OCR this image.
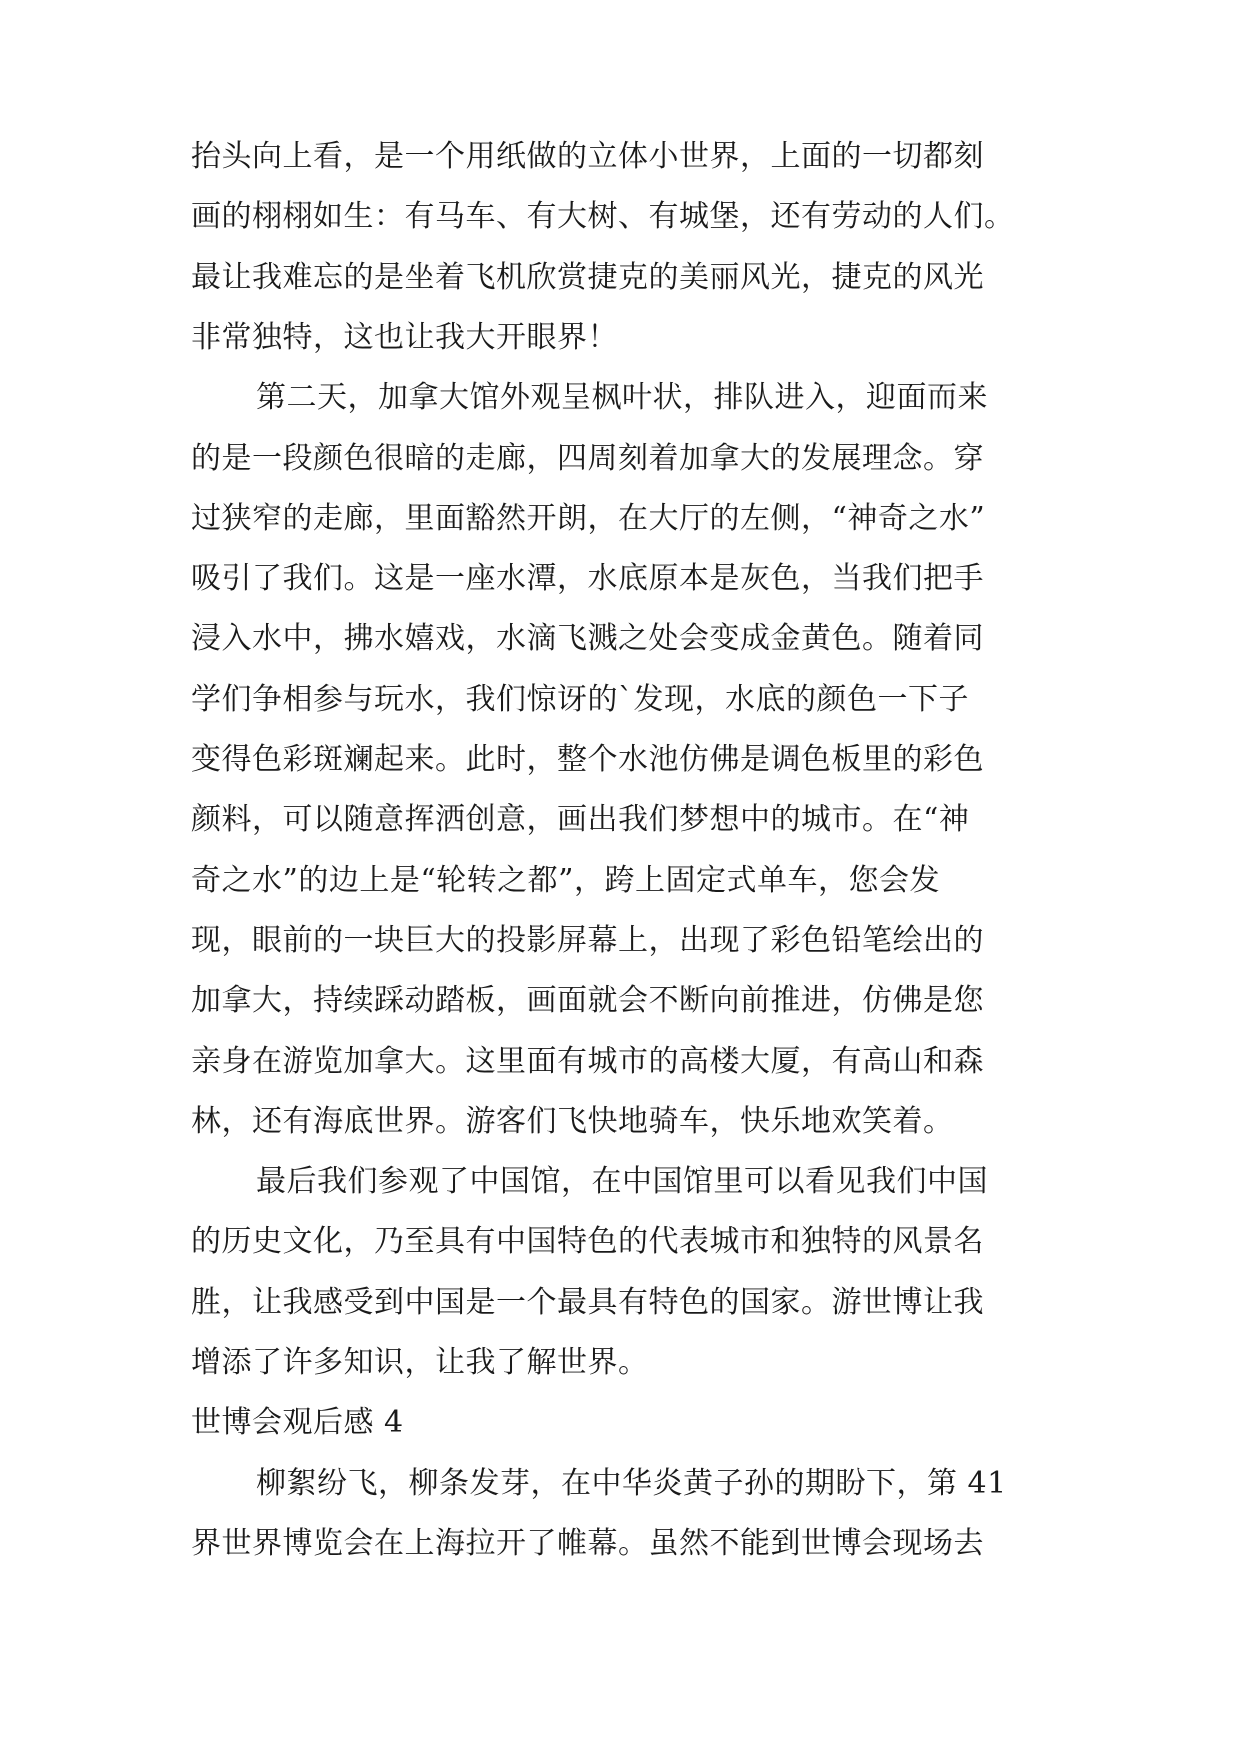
抬头向上看，是一个用纸做的立体小世界，上面的一切都刻
画的栩栩如生：有马车、有大树、有城堡，还有劳动的人们。
最让我难忘的是坐着飞机欣赏捷克的美丽风光，捷克的风光
非常独特，这也让我大开眼界！
第二天，加拿大馆外观呈枫叶状，排队进入，迎面而来
的是一段颜色很暗的走廊，四周刻着加拿大的发展理念。穿
过狭窄的走廊，里面豁然开朗，在大厅的左侧，“神奇之水”
吸引了我们。这是一座水潭，水底原本是灰色，当我们把手
浸入水中，拂水嬉戏，水滴飞溅之处会变成金黄色。随着同
学们争相参与玩水，我们惊讶的`发现，水底的颜色一下子
变得色彩斑斓起来。此时，整个水池仿佛是调色板里的彩色
颜料，可以随意挥洒创意，画出我们梦想中的城市。在“神
奇之水”的边上是“轮转之都”，跨上固定式单车，您会发
现，眼前的一块巨大的投影屏幕上，出现了彩色铅笔绘出的
加拿大，持续踩动踏板，画面就会不断向前推进，仿佛是您
亲身在游览加拿大。这里面有城市的高楼大厦，有高山和森
林，还有海底世界。游客们飞快地骑车，快乐地欢笑着。
最后我们参观了中国馆，在中国馆里可以看见我们中国
的历史文化，乃至具有中国特色的代表城市和独特的风景名
胜，让我感受到中国是一个最具有特色的国家。游世博让我
增添了许多知识，让我了解世界。
世博会观后感 4
柳絮纷飞，柳条发芽，在中华炎黄子孙的期盼下，第 41
界世界博览会在上海拉开了帷幕。虽然不能到世博会现场去
